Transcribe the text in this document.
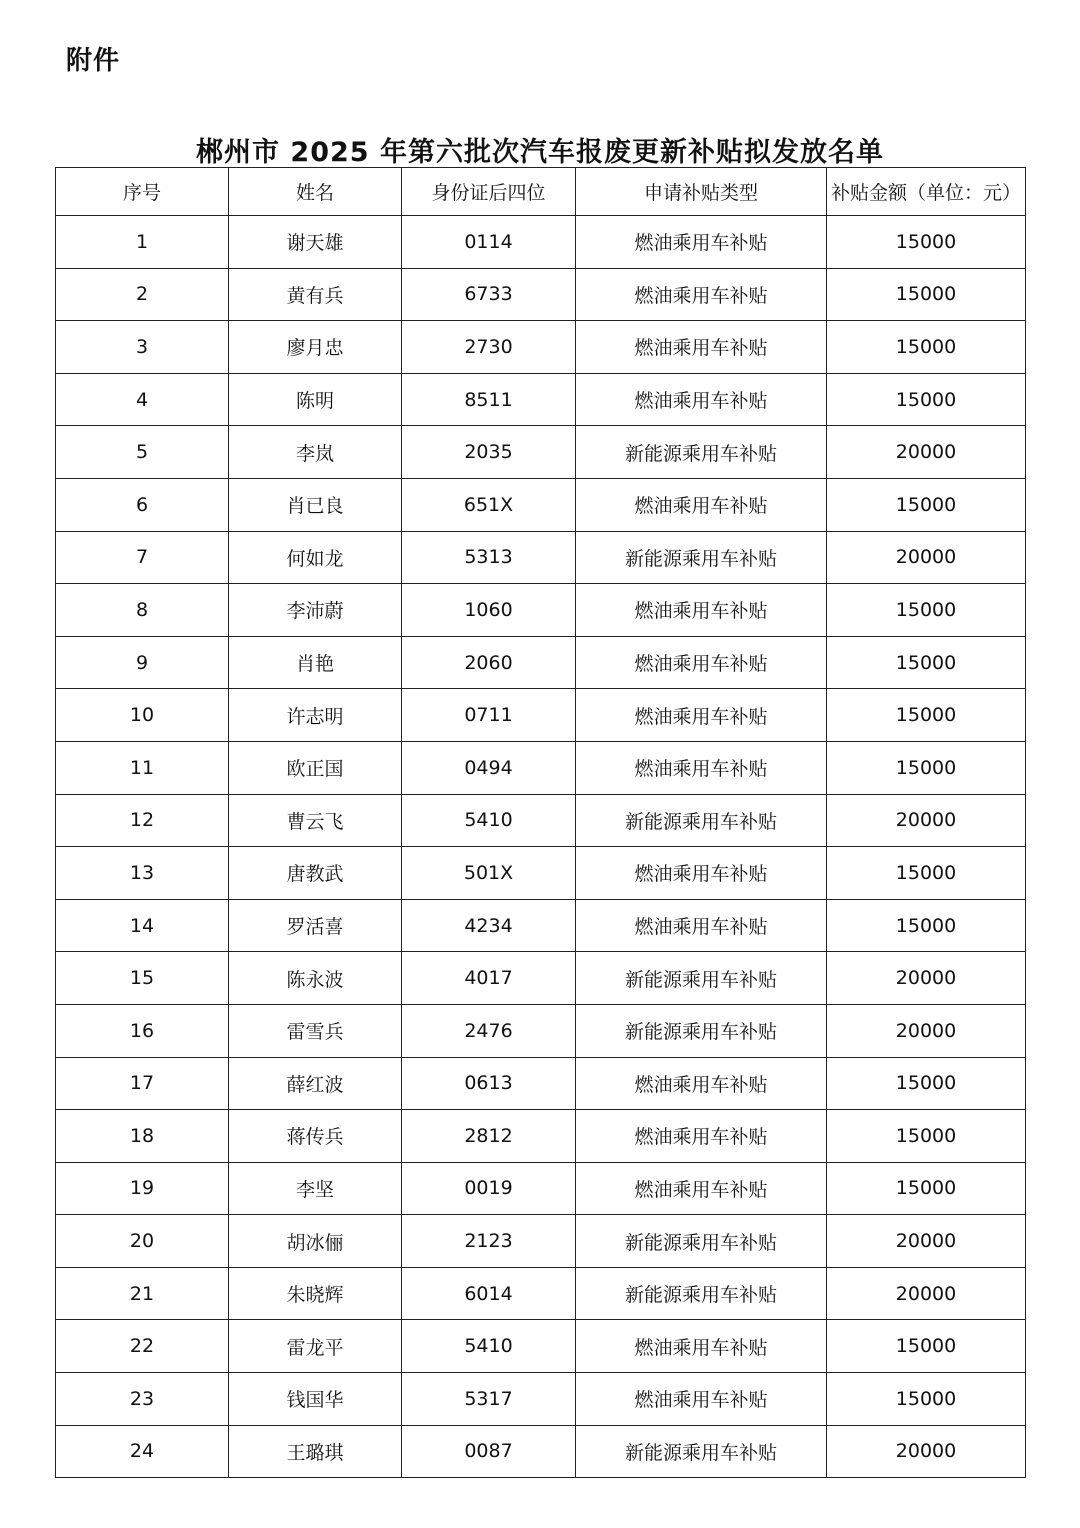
附件
郴州市 2025 年第六批次汽车报废更新补贴拟发放名单
序号	姓名	身份证后四位	申请补贴类型	补贴金额（单位：元）
1	谢天雄	0114	燃油乘用车补贴	15000
2	黄有兵	6733	燃油乘用车补贴	15000
3	廖月忠	2730	燃油乘用车补贴	15000
4	陈明	8511	燃油乘用车补贴	15000
5	李岚	2035	新能源乘用车补贴	20000
6	肖已良	651X	燃油乘用车补贴	15000
7	何如龙	5313	新能源乘用车补贴	20000
8	李沛蔚	1060	燃油乘用车补贴	15000
9	肖艳	2060	燃油乘用车补贴	15000
10	许志明	0711	燃油乘用车补贴	15000
11	欧正国	0494	燃油乘用车补贴	15000
12	曹云飞	5410	新能源乘用车补贴	20000
13	唐教武	501X	燃油乘用车补贴	15000
14	罗活喜	4234	燃油乘用车补贴	15000
15	陈永波	4017	新能源乘用车补贴	20000
16	雷雪兵	2476	新能源乘用车补贴	20000
17	薛红波	0613	燃油乘用车补贴	15000
18	蒋传兵	2812	燃油乘用车补贴	15000
19	李坚	0019	燃油乘用车补贴	15000
20	胡冰俪	2123	新能源乘用车补贴	20000
21	朱晓辉	6014	新能源乘用车补贴	20000
22	雷龙平	5410	燃油乘用车补贴	15000
23	钱国华	5317	燃油乘用车补贴	15000
24	王璐琪	0087	新能源乘用车补贴	20000
